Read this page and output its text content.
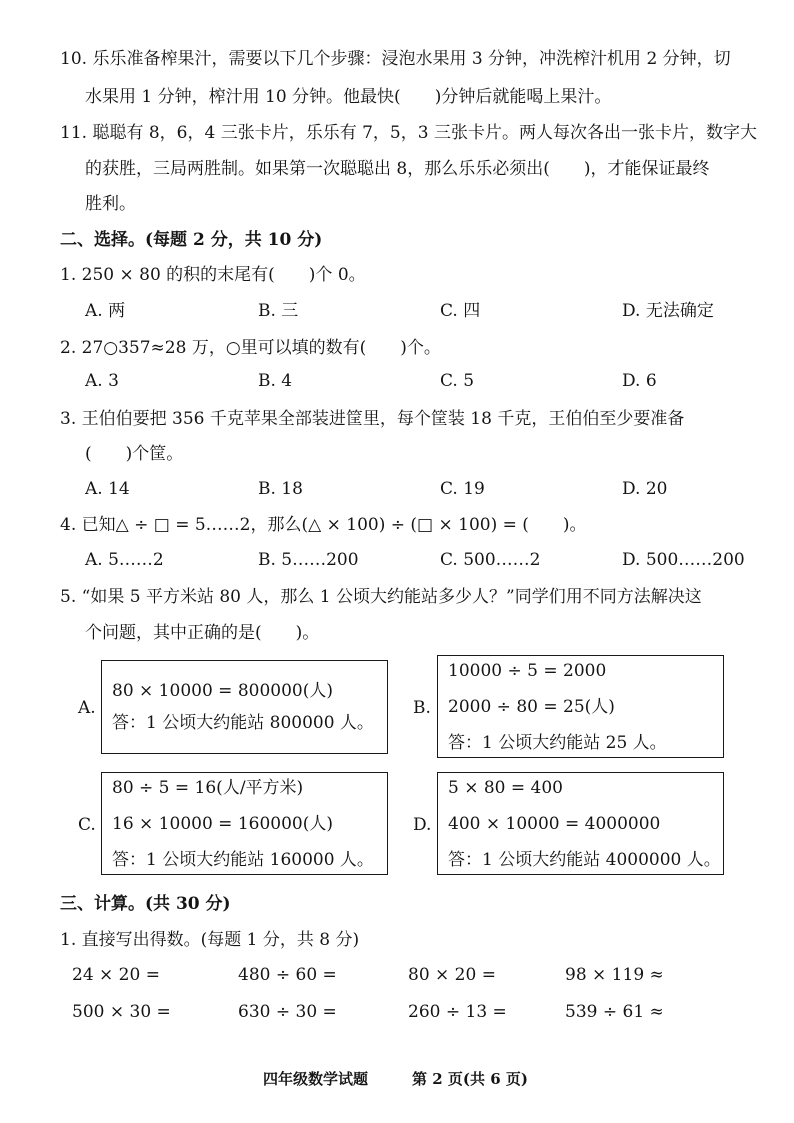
10. 乐乐准备榨果汁，需要以下几个步骤：浸泡水果用 3 分钟，冲洗榨汁机用 2 分钟，切
水果用 1 分钟，榨汁用 10 分钟。他最快(　　)分钟后就能喝上果汁。
11. 聪聪有 8，6，4 三张卡片，乐乐有 7，5，3 三张卡片。两人每次各出一张卡片，数字大
的获胜，三局两胜制。如果第一次聪聪出 8，那么乐乐必须出(　　)，才能保证最终
胜利。
二、选择。(每题 2 分，共 10 分)
1. 250 × 80 的积的末尾有(　　)个 0。
A. 两	B. 三	C. 四	D. 无法确定
2. 27○357≈28 万，○里可以填的数有(　　)个。
A. 3	B. 4	C. 5	D. 6
3. 王伯伯要把 356 千克苹果全部装进筐里，每个筐装 18 千克，王伯伯至少要准备
(　　)个筐。
A. 14	B. 18	C. 19	D. 20
4. 已知△ ÷ □ = 5……2，那么(△ × 100) ÷ (□ × 100) = (　　)。
A. 5……2	B. 5……200	C. 500……2	D. 500……200
5. “如果 5 平方米站 80 人，那么 1 公顷大约能站多少人？”同学们用不同方法解决这
个问题，其中正确的是(　　)。
A.
80 × 10000 = 800000(人)
答：1 公顷大约能站 800000 人。
B.
10000 ÷ 5 = 2000
2000 ÷ 80 = 25(人)
答：1 公顷大约能站 25 人。
C.
80 ÷ 5 = 16(人/平方米)
16 × 10000 = 160000(人)
答：1 公顷大约能站 160000 人。
D.
5 × 80 = 400
400 × 10000 = 4000000
答：1 公顷大约能站 4000000 人。
三、计算。(共 30 分)
1. 直接写出得数。(每题 1 分，共 8 分)
24 × 20 =	480 ÷ 60 =	80 × 20 =	98 × 119 ≈
500 × 30 =	630 ÷ 30 =	260 ÷ 13 =	539 ÷ 61 ≈
四年级数学试题	第 2 页(共 6 页)
